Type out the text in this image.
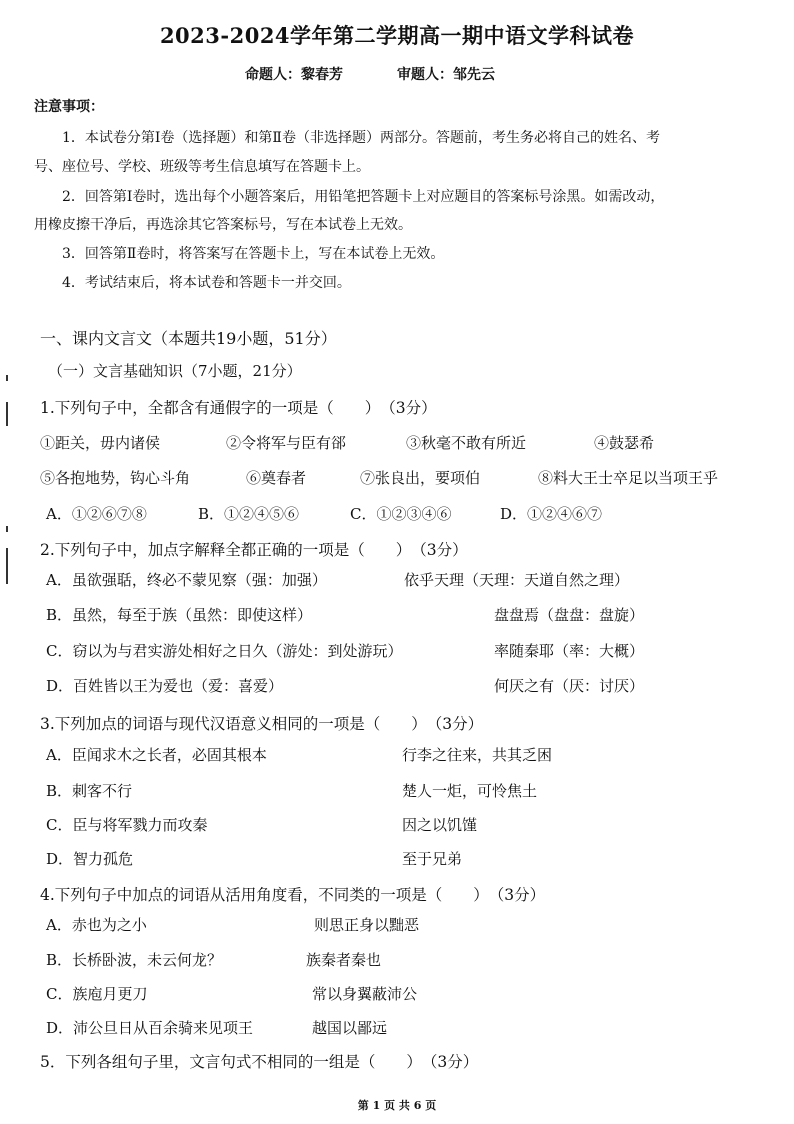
2023-2024学年第二学期高一期中语文学科试卷
命题人：黎春芳	审题人：邹先云
注意事项：
1．本试卷分第Ⅰ卷（选择题）和第Ⅱ卷（非选择题）两部分。答题前，考生务必将自己的姓名、考
号、座位号、学校、班级等考生信息填写在答题卡上。
2．回答第Ⅰ卷时，选出每个小题答案后，用铅笔把答题卡上对应题目的答案标号涂黑。如需改动，
用橡皮擦干净后，再选涂其它答案标号，写在本试卷上无效。
3．回答第Ⅱ卷时，将答案写在答题卡上，写在本试卷上无效。
4．考试结束后，将本试卷和答题卡一并交回。
一、课内文言文（本题共19小题，51分）
（一）文言基础知识（7小题，21分）
1.下列句子中，全都含有通假字的一项是（　　）　（3分）
①距关，毋内诸侯	②令将军与臣有郤	③秋毫不敢有所近	④鼓瑟希
⑤各抱地势，钩心斗角	⑥奠春者	⑦张良出，要项伯	⑧料大王士卒足以当项王乎
A．①②⑥⑦⑧	B．①②④⑤⑥	C．①②③④⑥	D．①②④⑥⑦
2.下列句子中，加点字解释全都正确的一项是（　　）　（3分）
A．虽欲强聒，终必不蒙见察（强：加强）	依乎天理（天理：天道自然之理）
B．虽然，每至于族（虽然：即使这样）	盘盘焉（盘盘：盘旋）
C．窃以为与君实游处相好之日久（游处：到处游玩）	率随秦耶（率：大概）
D．百姓皆以王为爱也（爱：喜爱）	何厌之有（厌：讨厌）
3.下列加点的词语与现代汉语意义相同的一项是（　　）　（3分）
A．臣闻求木之长者，必固其根本	行李之往来，共其乏困
B．刺客不行	楚人一炬，可怜焦土
C．臣与将军戮力而攻秦	因之以饥馑
D．智力孤危	至于兄弟
4.下列句子中加点的词语从活用角度看，不同类的一项是（　　）　（3分）
A．赤也为之小	则思正身以黜恶
B．长桥卧波，未云何龙？	族秦者秦也
C．族庖月更刀	常以身翼蔽沛公
D．沛公旦日从百余骑来见项王	越国以鄙远
5．下列各组句子里，文言句式不相同的一组是（　　）　（3分）
第 1 页 共 6 页
